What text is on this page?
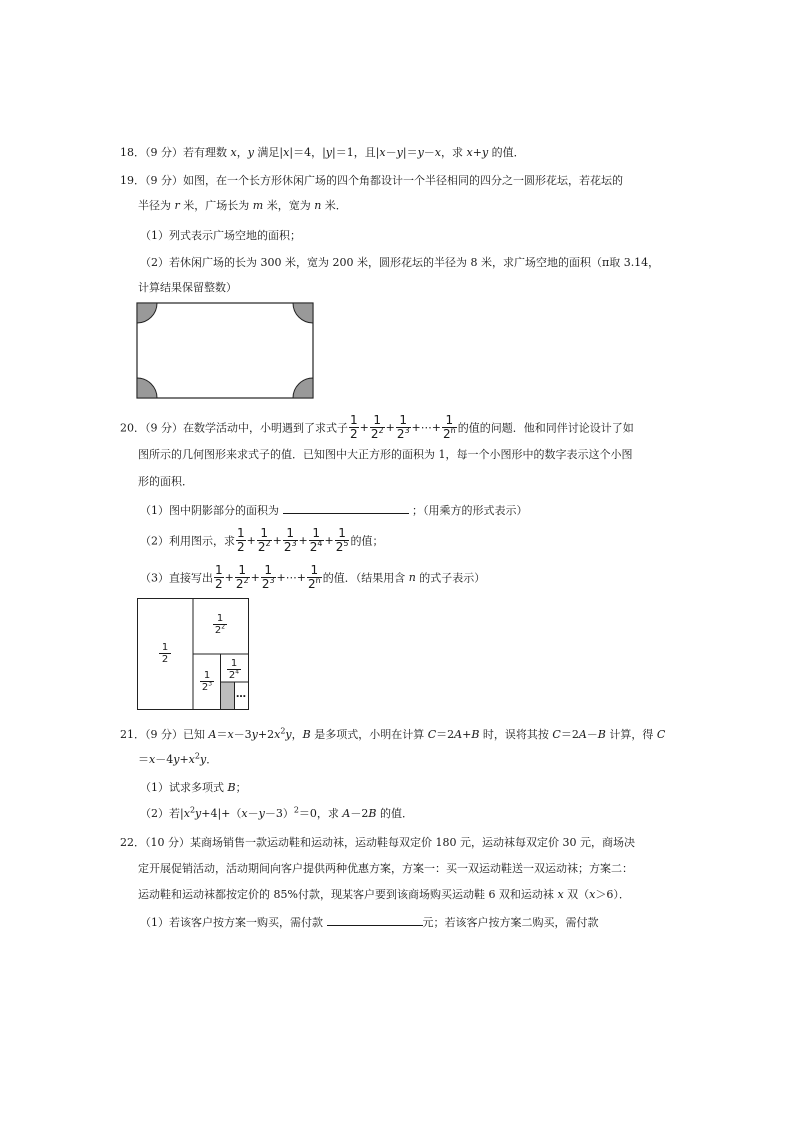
18．（9 分）若有理数 x，y 满足|x|＝4，|y|＝1，且|x－y|＝y－x，求 x+y 的值．
19．（9 分）如图，在一个长方形休闲广场的四个角都设计一个半径相同的四分之一圆形花坛，若花坛的
半径为 r 米，广场长为 m 米，宽为 n 米．
（1）列式表示广场空地的面积；
（2）若休闲广场的长为 300 米，宽为 200 米，圆形花坛的半径为 8 米，求广场空地的面积（π取 3.14，
计算结果保留整数）
20．（9 分）在数学活动中，小明遇到了求式子 $\frac{1}{2} + \frac{1}{2^2} + \frac{1}{2^3}$ +⋯+ $\frac{1}{2^n}$ 的值的问题．他和同伴讨论设计了如
图所示的几何图形来求式子的值．已知图中大正方形的面积为 1，每一个小图形中的数字表示这个小图
形的面积．
（1）图中阴影部分的面积为	；（用乘方的形式表示）
（2）利用图示，求 $\frac{1}{2} + \frac{1}{2^2} + \frac{1}{2^3} + \frac{1}{2^4} + \frac{1}{2^5}$ 的值；
（3）直接写出 $\frac{1}{2} + \frac{1}{2^2} + \frac{1}{2^3}$ +⋯+ $\frac{1}{2^n}$ 的值．（结果用含 n 的式子表示）
1
2
1
$2^2$
1
$2^3$
1
$2^4$
…
21．（9 分）已知 $A=x-3y+2x^2y$，B 是多项式，小明在计算 C＝2A+B 时，误将其按 C＝2A－B 计算，得 C
$=x-4y+x^2y$．
（1）试求多项式 B；
（2）若$|x^2y+4|+(x-y-3)^2=0$，求 A－2B 的值．
22．（10 分）某商场销售一款运动鞋和运动袜，运动鞋每双定价 180 元，运动袜每双定价 30 元，商场决
定开展促销活动，活动期间向客户提供两种优惠方案，方案一：买一双运动鞋送一双运动袜；方案二：
运动鞋和运动袜都按定价的 85%付款，现某客户要到该商场购买运动鞋 6 双和运动袜 x 双（x＞6）．
（1）若该客户按方案一购买，需付款	元；若该客户按方案二购买，需付款
